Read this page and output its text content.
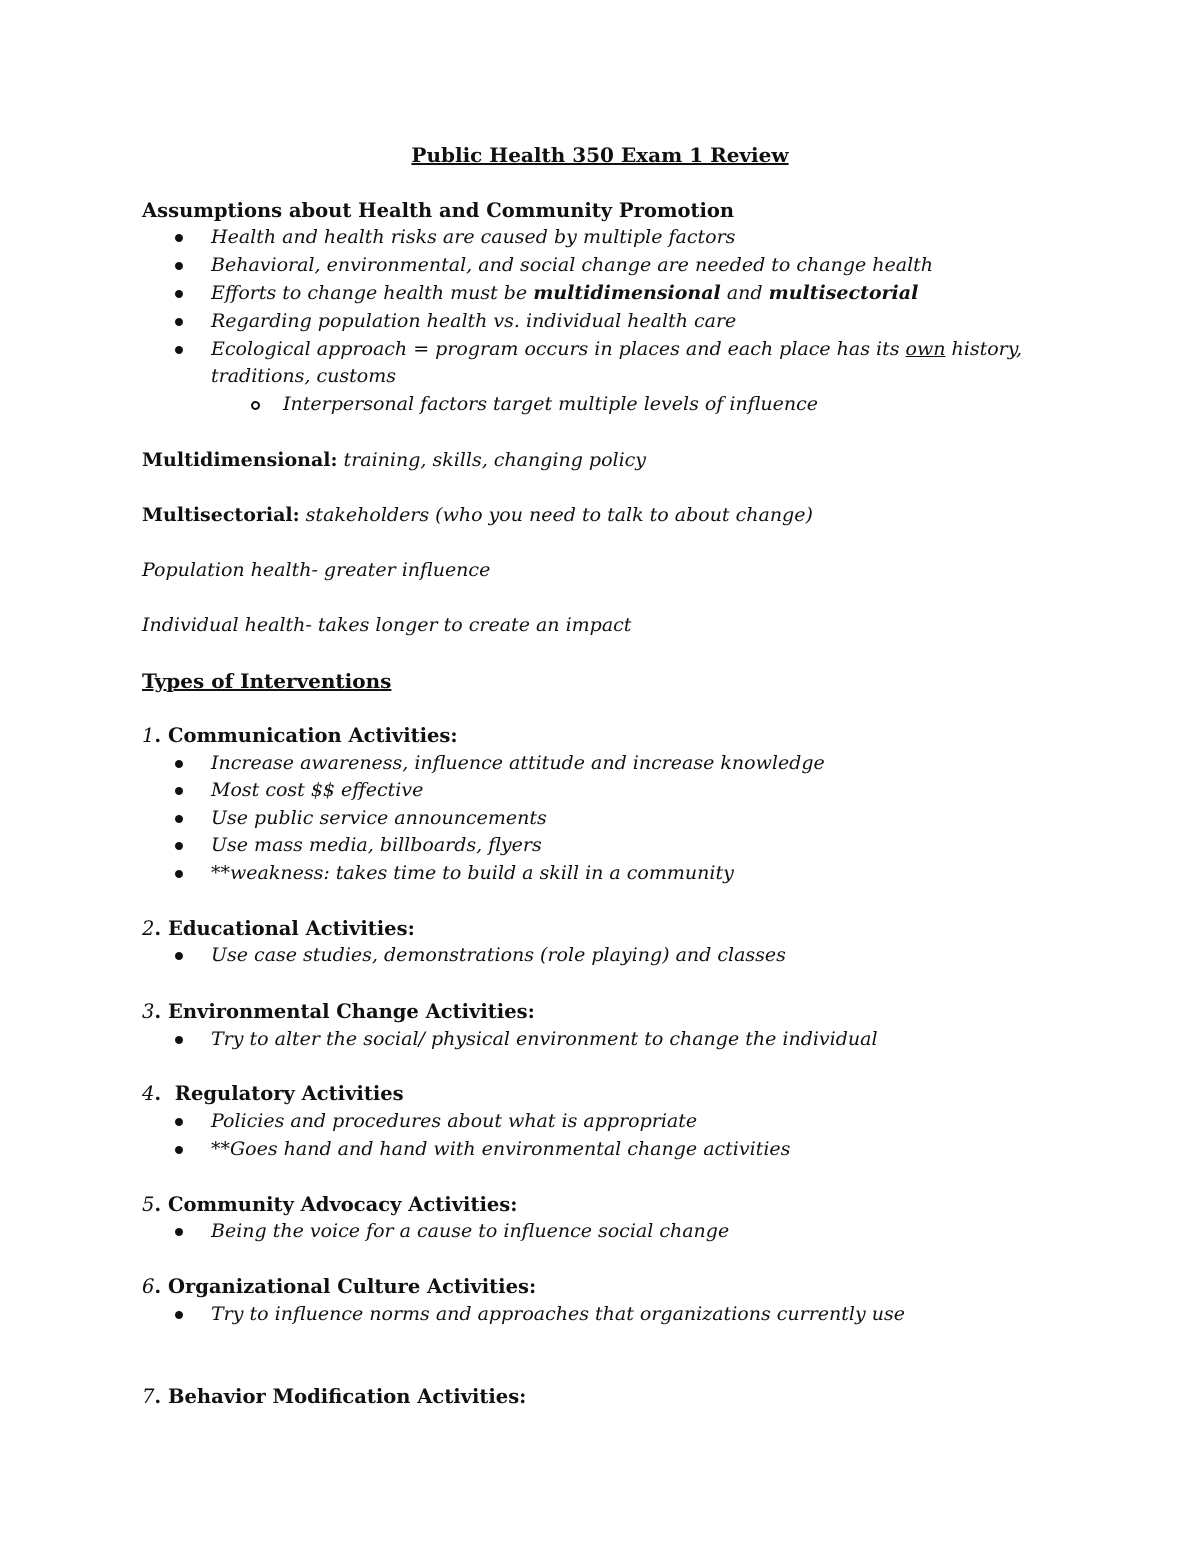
Public Health 350 Exam 1 Review
Assumptions about Health and Community Promotion
Health and health risks are caused by multiple factors
Behavioral, environmental, and social change are needed to change health
Efforts to change health must be multidimensional and multisectorial
Regarding population health vs. individual health care
Ecological approach = program occurs in places and each place has its own history,
traditions, customs
Interpersonal factors target multiple levels of influence
Multidimensional: training, skills, changing policy
Multisectorial: stakeholders (who you need to talk to about change)
Population health- greater influence
Individual health- takes longer to create an impact
Types of Interventions
1. Communication Activities:
Increase awareness, influence attitude and increase knowledge
Most cost $$ effective
Use public service announcements
Use mass media, billboards, flyers
**weakness: takes time to build a skill in a community
2. Educational Activities:
Use case studies, demonstrations (role playing) and classes
3. Environmental Change Activities:
Try to alter the social/ physical environment to change the individual
4.  Regulatory Activities
Policies and procedures about what is appropriate
**Goes hand and hand with environmental change activities
5. Community Advocacy Activities:
Being the voice for a cause to influence social change
6. Organizational Culture Activities:
Try to influence norms and approaches that organizations currently use
7. Behavior Modification Activities:
